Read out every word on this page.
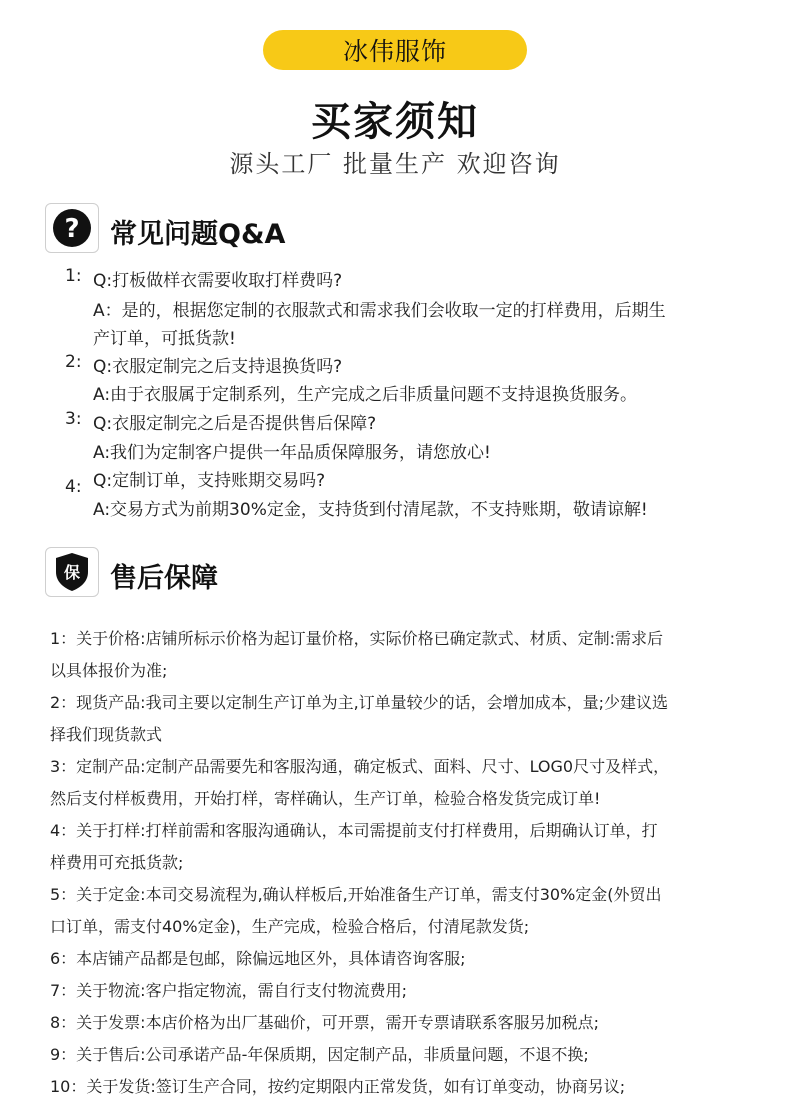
冰伟服饰
买家须知
源头工厂 批量生产 欢迎咨询
? 常见问题Q&A
1: Q:打板做样衣需要收取打样费吗?
A：是的，根据您定制的衣服款式和需求我们会收取一定的打样费用，后期生
产订单，可抵货款!
2: Q:衣服定制完之后支持退换货吗?
A:由于衣服属于定制系列，生产完成之后非质量问题不支持退换货服务。
3: Q:衣服定制完之后是否提供售后保障?
A:我们为定制客户提供一年品质保障服务，请您放心!
4: Q:定制订单，支持账期交易吗?
A:交易方式为前期30%定金，支持货到付清尾款，不支持账期，敬请谅解!
保 售后保障
1：关于价格:店铺所标示价格为起订量价格，实际价格已确定款式、材质、定制:需求后
以具体报价为准;
2：现货产品:我司主要以定制生产订单为主,订单量较少的话，会增加成本，量;少建议选
择我们现货款式
3：定制产品:定制产品需要先和客服沟通，确定板式、面料、尺寸、LOG0尺寸及样式，
然后支付样板费用，开始打样，寄样确认，生产订单，检验合格发货完成订单!
4：关于打样:打样前需和客服沟通确认，本司需提前支付打样费用，后期确认订单，打
样费用可充抵货款;
5：关于定金:本司交易流程为,确认样板后,开始准备生产订单，需支付30%定金(外贸出
口订单，需支付40%定金)，生产完成，检验合格后，付清尾款发货;
6：本店铺产品都是包邮，除偏远地区外，具体请咨询客服;
7：关于物流:客户指定物流，需自行支付物流费用;
8：关于发票:本店价格为出厂基础价，可开票，需开专票请联系客服另加税点;
9：关于售后:公司承诺产品-年保质期，因定制产品，非质量问题，不退不换;
10：关于发货:签订生产合同，按约定期限内正常发货，如有订单变动，协商另议;
